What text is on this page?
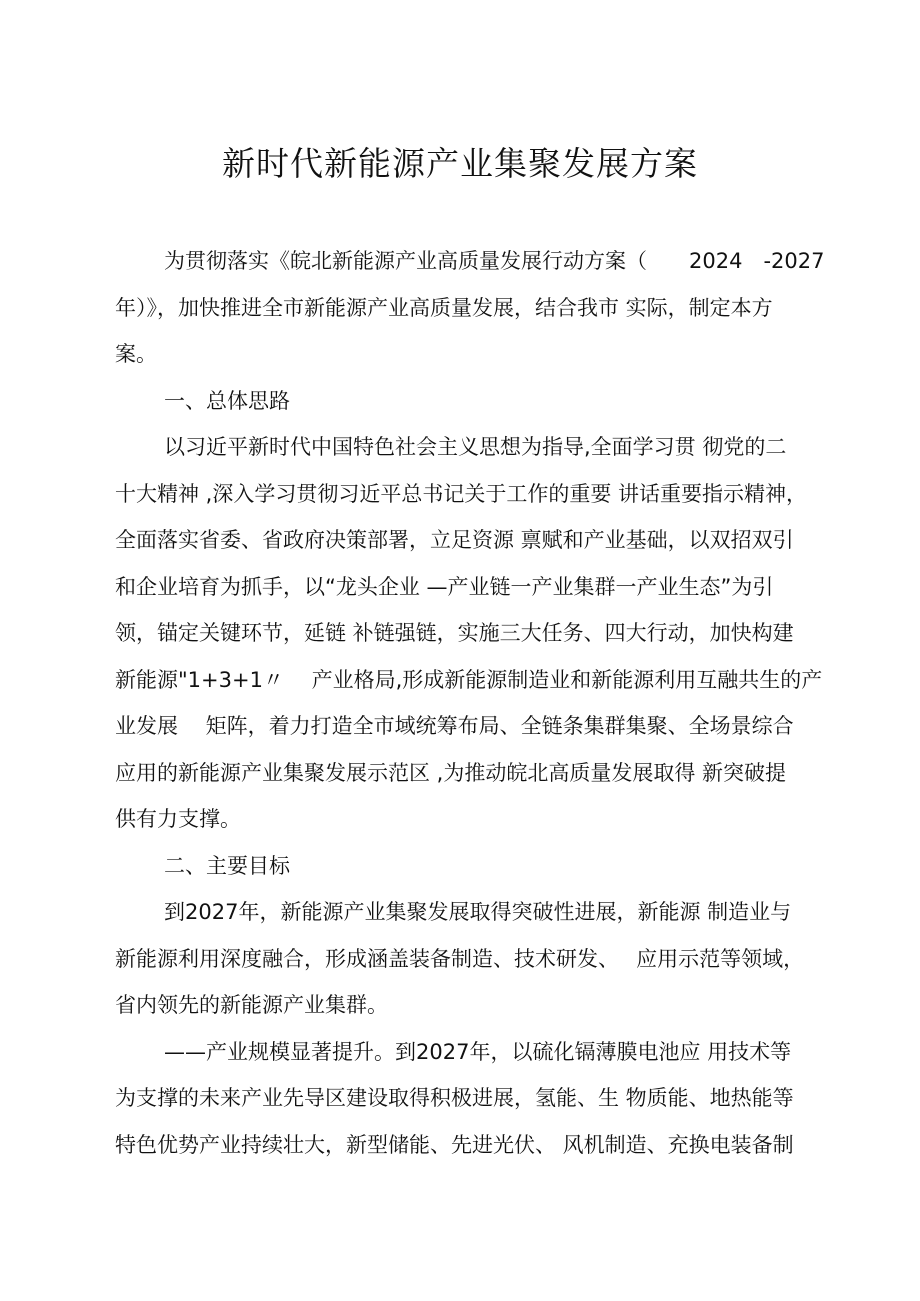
新时代新能源产业集聚发展方案
为贯彻落实《皖北新能源产业高质量发展行动方案（　　2024　-2027
年）》，加快推进全市新能源产业高质量发展，结合我市 实际，制定本方
案。
一、总体思路
以习近平新时代中国特色社会主义思想为指导,全面学习贯 彻党的二
十大精神 ,深入学习贯彻习近平总书记关于工作的重要 讲话重要指示精神，
全面落实省委、省政府决策部署，立足资源 禀赋和产业基础，以双招双引
和企业培育为抓手，以“龙头企业 —产业链一产业集群一产业生态”为引
领，锚定关键环节，延链 补链强链，实施三大任务、四大行动，加快构建
新能源"1+3+1〃　 产业格局,形成新能源制造业和新能源利用互融共生的产
业发展　 矩阵，着力打造全市域统筹布局、全链条集群集聚、全场景综合
应用的新能源产业集聚发展示范区 ,为推动皖北高质量发展取得 新突破提
供有力支撑。
二、主要目标
到2027年，新能源产业集聚发展取得突破性进展，新能源 制造业与
新能源利用深度融合，形成涵盖装备制造、技术研发、　 应用示范等领域，
省内领先的新能源产业集群。
——产业规模显著提升。到2027年，以硫化镉薄膜电池应 用技术等
为支撑的未来产业先导区建设取得积极进展，氢能、生 物质能、地热能等
特色优势产业持续壮大，新型储能、先进光伏、 风机制造、充换电装备制
